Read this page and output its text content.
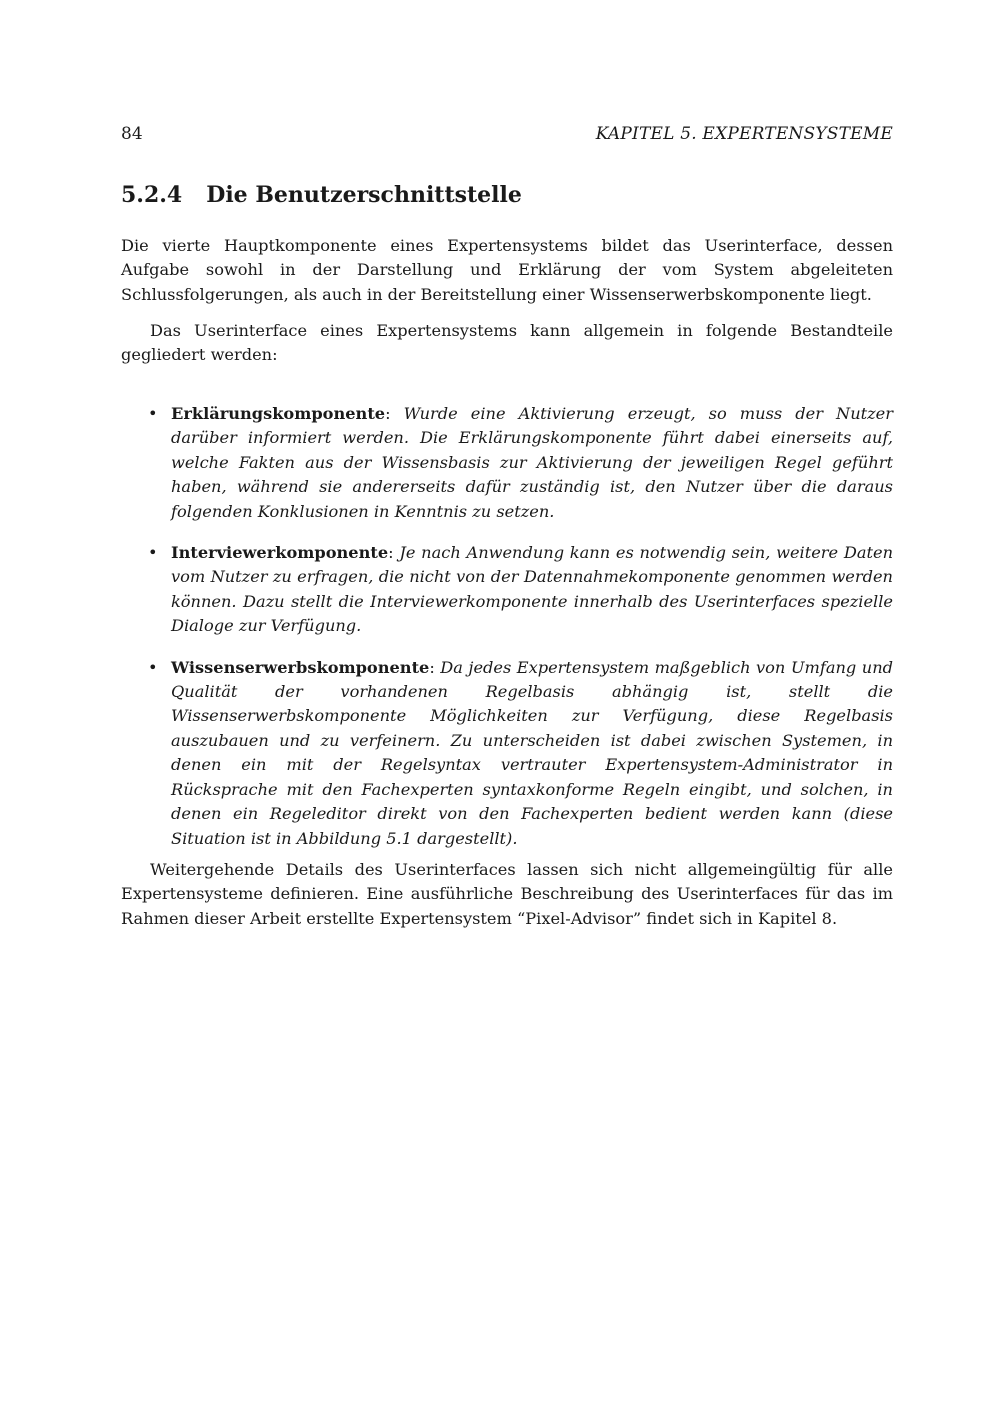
84	KAPITEL 5. EXPERTENSYSTEME
5.2.4 Die Benutzerschnittstelle

Die vierte Hauptkomponente eines Expertensystems bildet das Userinterface, dessen Aufgabe sowohl in der Darstellung und Erklärung der vom System abgeleiteten Schlussfolgerungen, als auch in der Bereitstellung einer Wissenserwerbskomponente liegt.

Das Userinterface eines Expertensystems kann allgemein in folgende Bestandteile gegliedert werden:

• Erklärungskomponente: Wurde eine Aktivierung erzeugt, so muss der Nutzer darüber informiert werden. Die Erklärungskomponente führt dabei einerseits auf, welche Fakten aus der Wissensbasis zur Aktivierung der jeweiligen Regel geführt haben, während sie andererseits dafür zuständig ist, den Nutzer über die daraus folgenden Konklusionen in Kenntnis zu setzen.
• Interviewerkomponente: Je nach Anwendung kann es notwendig sein, weitere Daten vom Nutzer zu erfragen, die nicht von der Datennahmekomponente genommen werden können. Dazu stellt die Interviewerkomponente innerhalb des Userinterfaces spezielle Dialoge zur Verfügung.
• Wissenserwerbskomponente: Da jedes Expertensystem maßgeblich von Umfang und Qualität der vorhandenen Regelbasis abhängig ist, stellt die Wissenserwerbskomponente Möglichkeiten zur Verfügung, diese Regelbasis auszubauen und zu verfeinern. Zu unterscheiden ist dabei zwischen Systemen, in denen ein mit der Regelsyntax vertrauter Expertensystem-Administrator in Rücksprache mit den Fachexperten syntaxkonforme Regeln eingibt, und solchen, in denen ein Regeleditor direkt von den Fachexperten bedient werden kann (diese Situation ist in Abbildung 5.1 dargestellt).

Weitergehende Details des Userinterfaces lassen sich nicht allgemeingültig für alle Expertensysteme definieren. Eine ausführliche Beschreibung des Userinterfaces für das im Rahmen dieser Arbeit erstellte Expertensystem “Pixel-Advisor” findet sich in Kapitel 8.
